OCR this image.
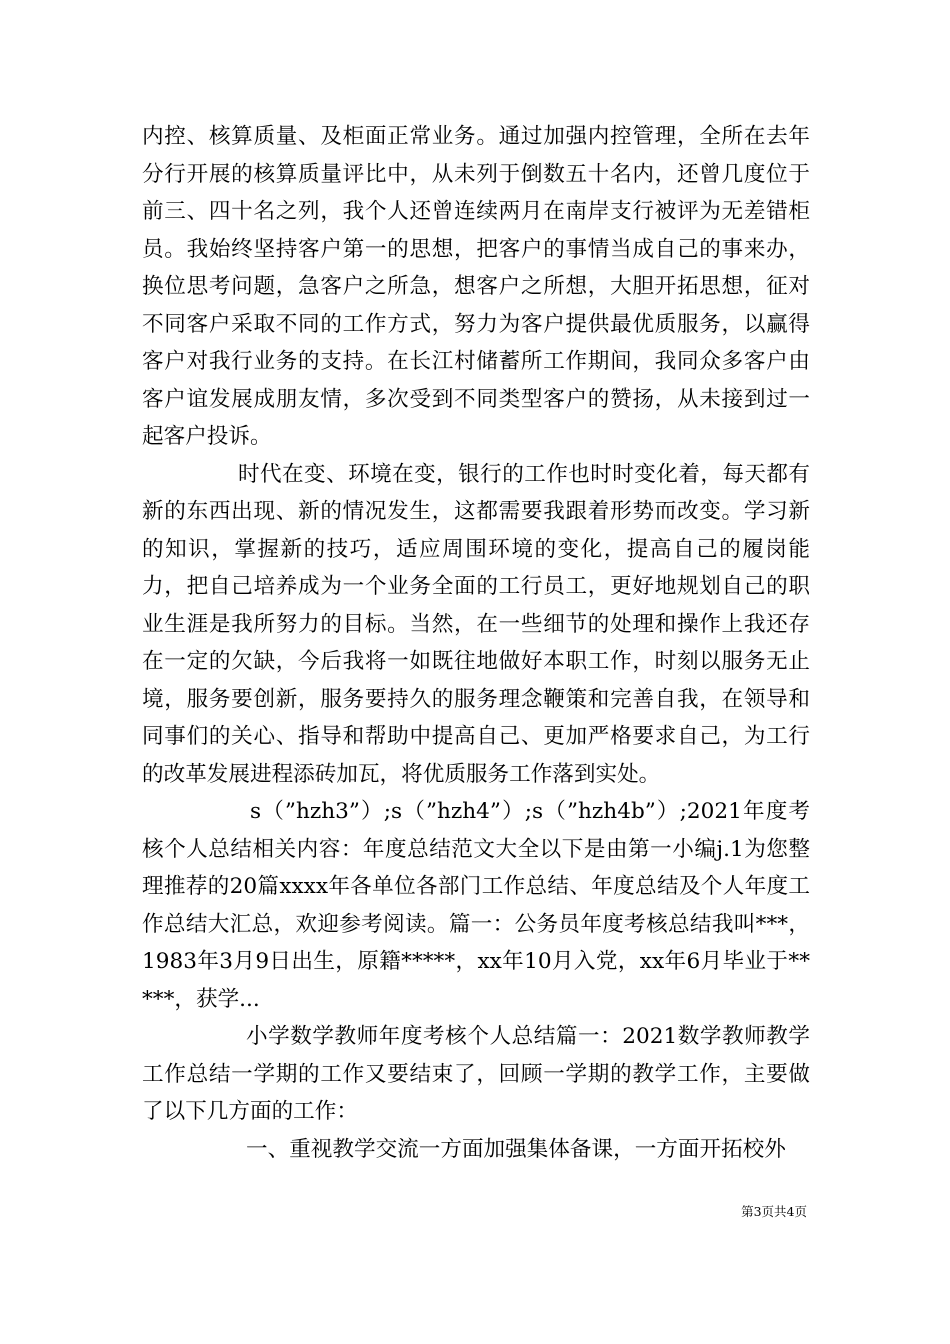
内控、核算质量、及柜面正常业务。通过加强内控管理，全所在去年分行开展的核算质量评比中，从未列于倒数五十名内，还曾几度位于前三、四十名之列，我个人还曾连续两月在南岸支行被评为无差错柜员。我始终坚持客户第一的思想，把客户的事情当成自己的事来办，换位思考问题，急客户之所急，想客户之所想，大胆开拓思想，征对不同客户采取不同的工作方式，努力为客户提供最优质服务，以赢得客户对我行业务的支持。在长江村储蓄所工作期间，我同众多客户由客户谊发展成朋友情，多次受到不同类型客户的赞扬，从未接到过一起客户投诉。

时代在变、环境在变，银行的工作也时时变化着，每天都有新的东西出现、新的情况发生，这都需要我跟着形势而改变。学习新的知识，掌握新的技巧，适应周围环境的变化，提高自己的履岗能力，把自己培养成为一个业务全面的工行员工，更好地规划自己的职业生涯是我所努力的目标。当然，在一些细节的处理和操作上我还存在一定的欠缺，今后我将一如既往地做好本职工作，时刻以服务无止境，服务要创新，服务要持久的服务理念鞭策和完善自我，在领导和同事们的关心、指导和帮助中提高自己、更加严格要求自己，为工行的改革发展进程添砖加瓦，将优质服务工作落到实处。

s（”hzh3”）;s（”hzh4”）;s（”hzh4b”）;2021年度考核个人总结相关内容：年度总结范文大全以下是由第一小编j.1为您整理推荐的20篇xxxx年各单位各部门工作总结、年度总结及个人年度工作总结大汇总，欢迎参考阅读。篇一：公务员年度考核总结我叫***，1983年3月9日出生，原籍*****，xx年10月入党，xx年6月毕业于*****，获学...

小学数学教师年度考核个人总结篇一：2021数学教师教学工作总结一学期的工作又要结束了，回顾一学期的教学工作，主要做了以下几方面的工作：

一、重视教学交流一方面加强集体备课，一方面开拓校外

第3页共4页
